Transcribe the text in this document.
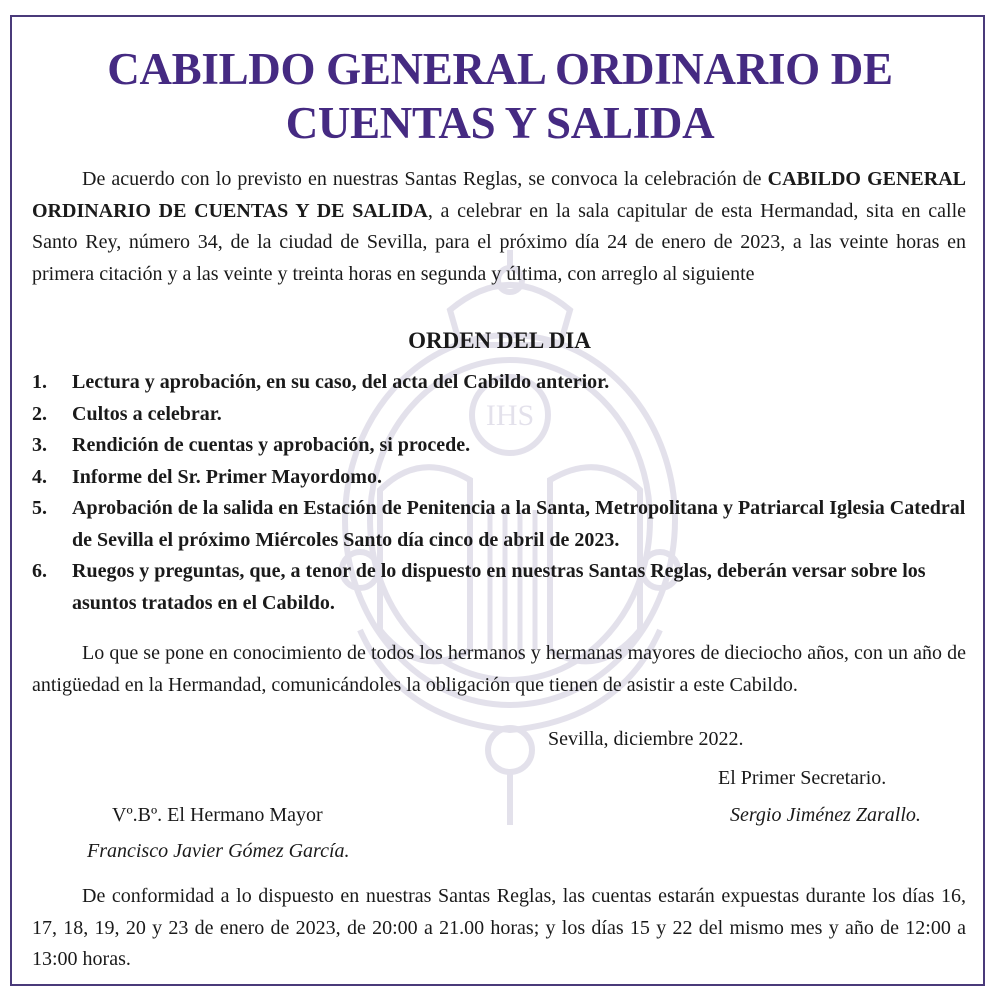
IHS
CABILDO GENERAL ORDINARIO DE CUENTAS Y SALIDA

De acuerdo con lo previsto en nuestras Santas Reglas, se convoca la celebración de CABILDO GENERAL ORDINARIO DE CUENTAS Y DE SALIDA, a celebrar en la sala capitular de esta Hermandad, sita en calle Santo Rey, número 34, de la ciudad de Sevilla, para el próximo día 24 de enero de 2023, a las veinte horas en primera citación y a las veinte y treinta horas en segunda y última, con arreglo al siguiente

ORDEN DEL DIA
1.	Lectura y aprobación, en su caso, del acta del Cabildo anterior.
2.	Cultos a celebrar.
3.	Rendición de cuentas y aprobación, si procede.
4.	Informe del Sr. Primer Mayordomo.
5.	Aprobación de la salida en Estación de Penitencia a la Santa, Metropolitana y Patriarcal Iglesia Catedral de Sevilla el próximo Miércoles Santo día cinco de abril de 2023.
6.	Ruegos y preguntas, que, a tenor de lo dispuesto en nuestras Santas Reglas, deberán versar sobre los asuntos tratados en el Cabildo.

Lo que se pone en conocimiento de todos los hermanos y hermanas mayores de dieciocho años, con un año de antigüedad en la Hermandad, comunicándoles la obligación que tienen de asistir a este Cabildo.

Sevilla, diciembre 2022.

El Primer Secretario.

Sergio Jiménez Zarallo.

Vº.Bº. El Hermano Mayor

Francisco Javier Gómez García.

De conformidad a lo dispuesto en nuestras Santas Reglas, las cuentas estarán expuestas durante los días 16, 17, 18, 19, 20 y 23 de enero de 2023, de 20:00 a 21.00 horas; y los días 15 y 22 del mismo mes y año de 12:00 a 13:00 horas.
